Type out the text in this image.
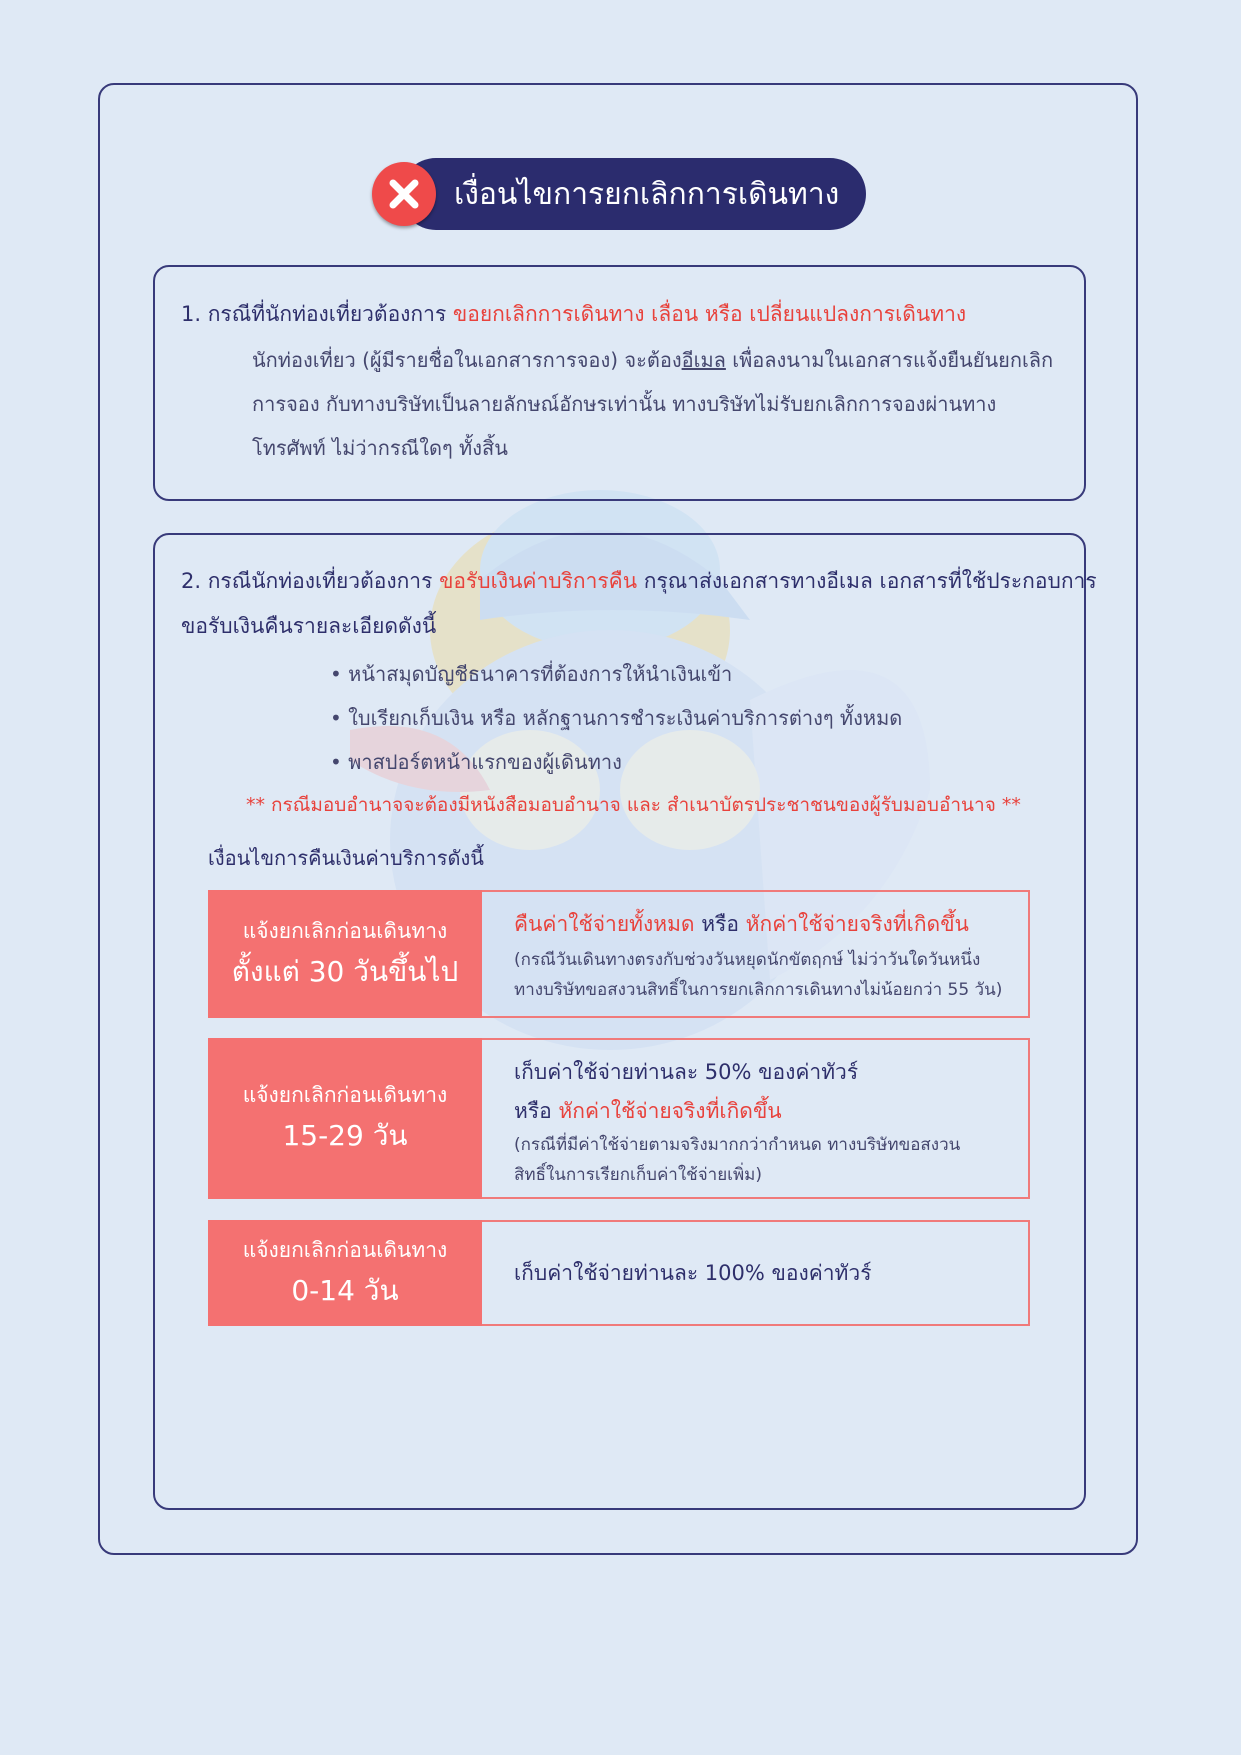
เงื่อนไขการยกเลิกการเดินทาง
1. กรณีที่นักท่องเที่ยวต้องการ ขอยกเลิกการเดินทาง เลื่อน หรือ เปลี่ยนแปลงการเดินทาง
นักท่องเที่ยว (ผู้มีรายชื่อในเอกสารการจอง) จะต้องอีเมล เพื่อลงนามในเอกสารแจ้งยืนยันยกเลิก
การจอง กับทางบริษัทเป็นลายลักษณ์อักษรเท่านั้น ทางบริษัทไม่รับยกเลิกการจองผ่านทาง
โทรศัพท์ ไม่ว่ากรณีใดๆ ทั้งสิ้น
2. กรณีนักท่องเที่ยวต้องการ ขอรับเงินค่าบริการคืน กรุณาส่งเอกสารทางอีเมล เอกสารที่ใช้ประกอบการ
ขอรับเงินคืนรายละเอียดดังนี้
• หน้าสมุดบัญชีธนาคารที่ต้องการให้นำเงินเข้า
• ใบเรียกเก็บเงิน หรือ หลักฐานการชำระเงินค่าบริการต่างๆ ทั้งหมด
• พาสปอร์ตหน้าแรกของผู้เดินทาง
** กรณีมอบอำนาจจะต้องมีหนังสือมอบอำนาจ และ สำเนาบัตรประชาชนของผู้รับมอบอำนาจ **
เงื่อนไขการคืนเงินค่าบริการดังนี้
แจ้งยกเลิกก่อนเดินทาง
ตั้งแต่ 30 วันขึ้นไป
คืนค่าใช้จ่ายทั้งหมด หรือ หักค่าใช้จ่ายจริงที่เกิดขึ้น
(กรณีวันเดินทางตรงกับช่วงวันหยุดนักขัตฤกษ์ ไม่ว่าวันใดวันหนึ่ง
ทางบริษัทขอสงวนสิทธิ์ในการยกเลิกการเดินทางไม่น้อยกว่า 55 วัน)
แจ้งยกเลิกก่อนเดินทาง
15-29 วัน
เก็บค่าใช้จ่ายท่านละ 50% ของค่าทัวร์
หรือ หักค่าใช้จ่ายจริงที่เกิดขึ้น
(กรณีที่มีค่าใช้จ่ายตามจริงมากกว่ากำหนด ทางบริษัทขอสงวน
สิทธิ์ในการเรียกเก็บค่าใช้จ่ายเพิ่ม)
แจ้งยกเลิกก่อนเดินทาง
0-14 วัน
เก็บค่าใช้จ่ายท่านละ 100% ของค่าทัวร์
